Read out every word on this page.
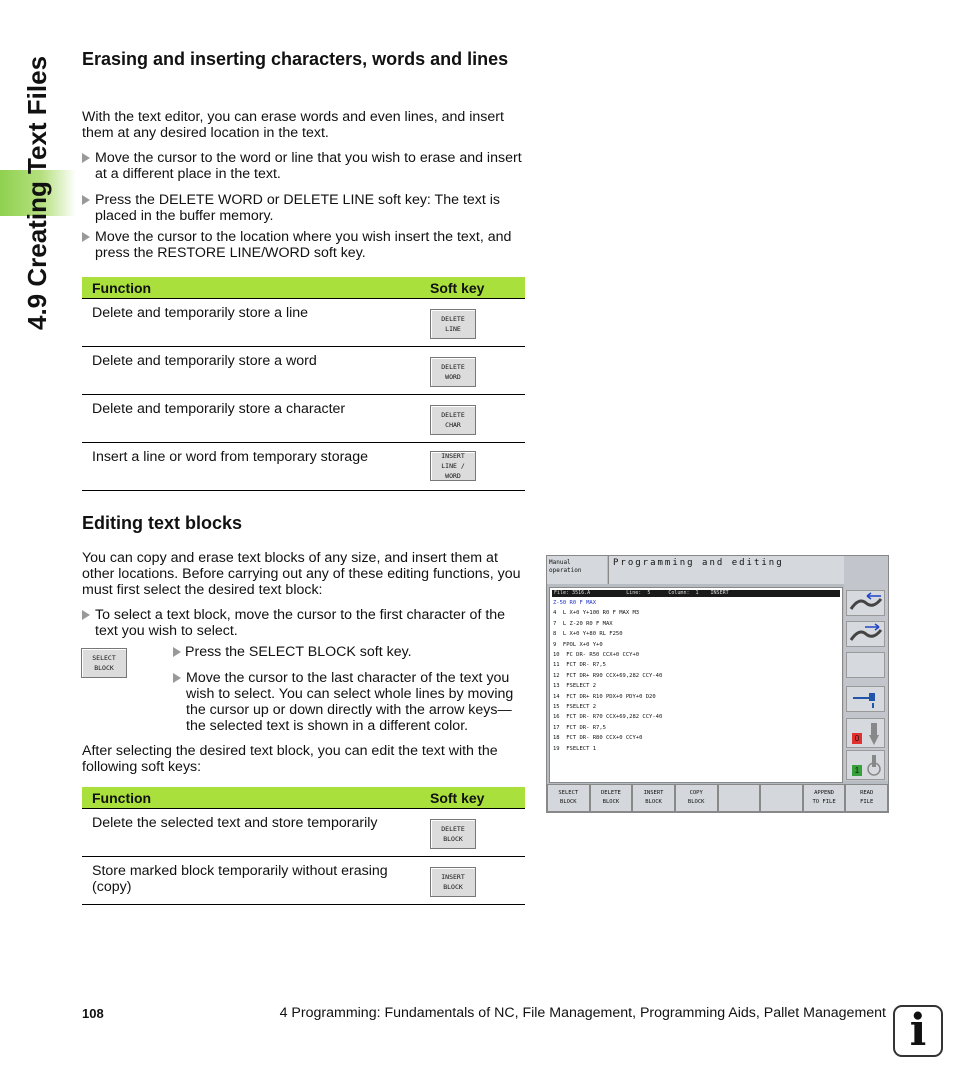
4.9 Creating Text Files Erasing and inserting characters, words and lines

With the text editor, you can erase words and even lines, and insert them at any desired location in the text.

Move the cursor to the word or line that you wish to erase and insert at a different place in the text.

Press the DELETE WORD or DELETE LINE soft key: The text is placed in the buffer memory.

Move the cursor to the location where you wish insert the text, and press the RESTORE LINE/WORD soft key.

Function	Soft key
Delete and temporarily store a line	DELETE
LINE

Delete and temporarily store a word	DELETE
WORD

Delete and temporarily store a character	DELETE
CHAR

Insert a line or word from temporary storage	INSERT
LINE /
WORD
Editing text blocks

You can copy and erase text blocks of any size, and insert them at other locations. Before carrying out any of these editing functions, you must first select the desired text block:

To select a text block, move the cursor to the first character of the text you wish to select.

SELECT
BLOCK

Press the SELECT BLOCK soft key.

Move the cursor to the last character of the text you wish to select. You can select whole lines by moving the cursor up or down directly with the arrow keys—the selected text is shown in a different color.

After selecting the desired text block, you can edit the text with the following soft keys:

Function	Soft key
Delete the selected text and store temporarily	DELETE
BLOCK

Store marked block temporarily without erasing (copy)	INSERT
BLOCK
Manual
operation
Programming and editing
File: 3516.A            Line:  5      Column:  1    INSERT
Z-50 R0 F MAX
4  L X+0 Y+100 R0 F MAX M3
7  L Z-20 R0 F MAX
8  L X+0 Y+80 RL F250
9  FPOL X+0 Y+0
10  FC DR- R50 CCX+0 CCY+0
11  FCT DR- R7,5
12  FCT DR+ R90 CCX+69,282 CCY-40
13  FSELECT 2
14  FCT DR+ R10 PDX+0 PDY+0 D20
15  FSELECT 2
16  FCT DR- R70 CCX+69,282 CCY-40
17  FCT DR- R7,5
18  FCT DR- R80 CCX+0 CCY+0
19  FSELECT 1
0
1
SELECT
BLOCK
DELETE
BLOCK
INSERT
BLOCK
COPY
BLOCK
APPEND
TO FILE
READ
FILE
108	4 Programming: Fundamentals of NC, File Management, Programming Aids, Pallet Management i
